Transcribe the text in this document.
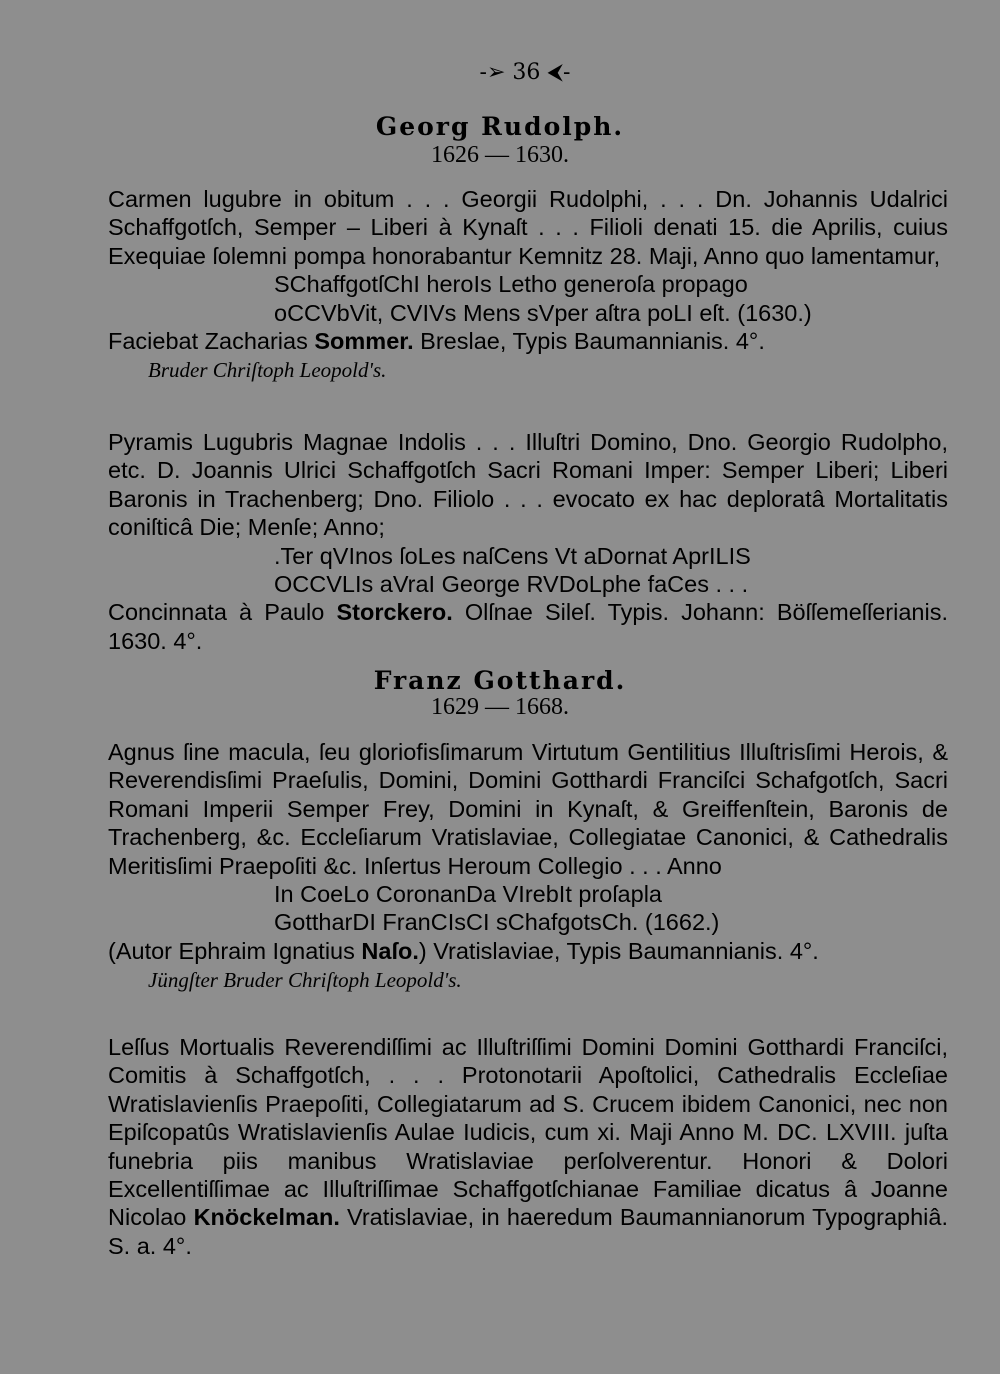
-➢ 36 ⮜-
Georg Rudolph.
1626 — 1630.

Carmen lugubre in obitum . . . Georgii Rudolphi, . . . Dn. Johannis Udalrici Schaffgotſch, Semper – Liberi à Kynaſt . . . Filioli denati 15. die Aprilis, cuius Exequiae ſolemni pompa honorabantur Kemnitz 28. Maji, Anno quo lamentamur,

SChaffgotſChI heroIs Letho generoſa propago
oCCVbVit, CVIVs Mens sVper aſtra poLI eſt. (1630.)
Faciebat Zacharias Sommer. Breslae, Typis Baumannianis. 4°.
Bruder Chriſtoph Leopold's.

Pyramis Lugubris Magnae Indolis . . . Illuſtri Domino, Dno. Georgio Rudolpho, etc. D. Joannis Ulrici Schaffgotſch Sacri Romani Imper: Semper Liberi; Liberi Baronis in Trachenberg; Dno. Filiolo . . . evocato ex hac deploratâ Mortalitatis coniſticâ Die; Menſe; Anno;

.Ter qVInos ſoLes naſCens Vt aDornat AprILIS
OCCVLIs aVraI George RVDoLphe faCes . . .

Concinnata à Paulo Storckero. Olſnae Sileſ. Typis. Johann: Böſſemeſſerianis. 1630. 4°.

Franz Gotthard.
1629 — 1668.

Agnus ſine macula, ſeu gloriofisſimarum Virtutum Gentilitius Illuſtrisſimi Herois, & Reverendisſimi Praeſulis, Domini, Domini Gotthardi Franciſci Schafgotſch, Sacri Romani Imperii Semper Frey, Domini in Kynaſt, & Greiffenſtein, Baronis de Trachenberg, &c. Eccleſiarum Vratislaviae, Collegiatae Canonici, & Cathedralis Meritisſimi Praepoſiti &c. Inſertus Heroum Collegio . . . Anno

In CoeLo CoronanDa VIrebIt proſapla
GottharDI FranCIsCI sChafgotsCh. (1662.)
(Autor Ephraim Ignatius Naſo.) Vratislaviae, Typis Baumannianis. 4°.
Jüngſter Bruder Chriſtoph Leopold's.

Leſſus Mortualis Reverendiſſimi ac Illuſtriſſimi Domini Domini Gotthardi Franciſci, Comitis à Schaffgotſch, . . . Protonotarii Apoſtolici, Cathedralis Eccleſiae Wratislavienſis Praepoſiti, Collegiatarum ad S. Crucem ibidem Canonici, nec non Epiſcopatûs Wratislavienſis Aulae Iudicis, cum xi. Maji Anno M. DC. LXVIII. juſta funebria piis manibus Wratislaviae perſolverentur. Honori & Dolori Excellentiſſimae ac Illuſtriſſimae Schaffgotſchianae Familiae dicatus â Joanne Nicolao Knöckelman. Vratislaviae, in haeredum Baumannianorum Typographiâ. S. a. 4°.
